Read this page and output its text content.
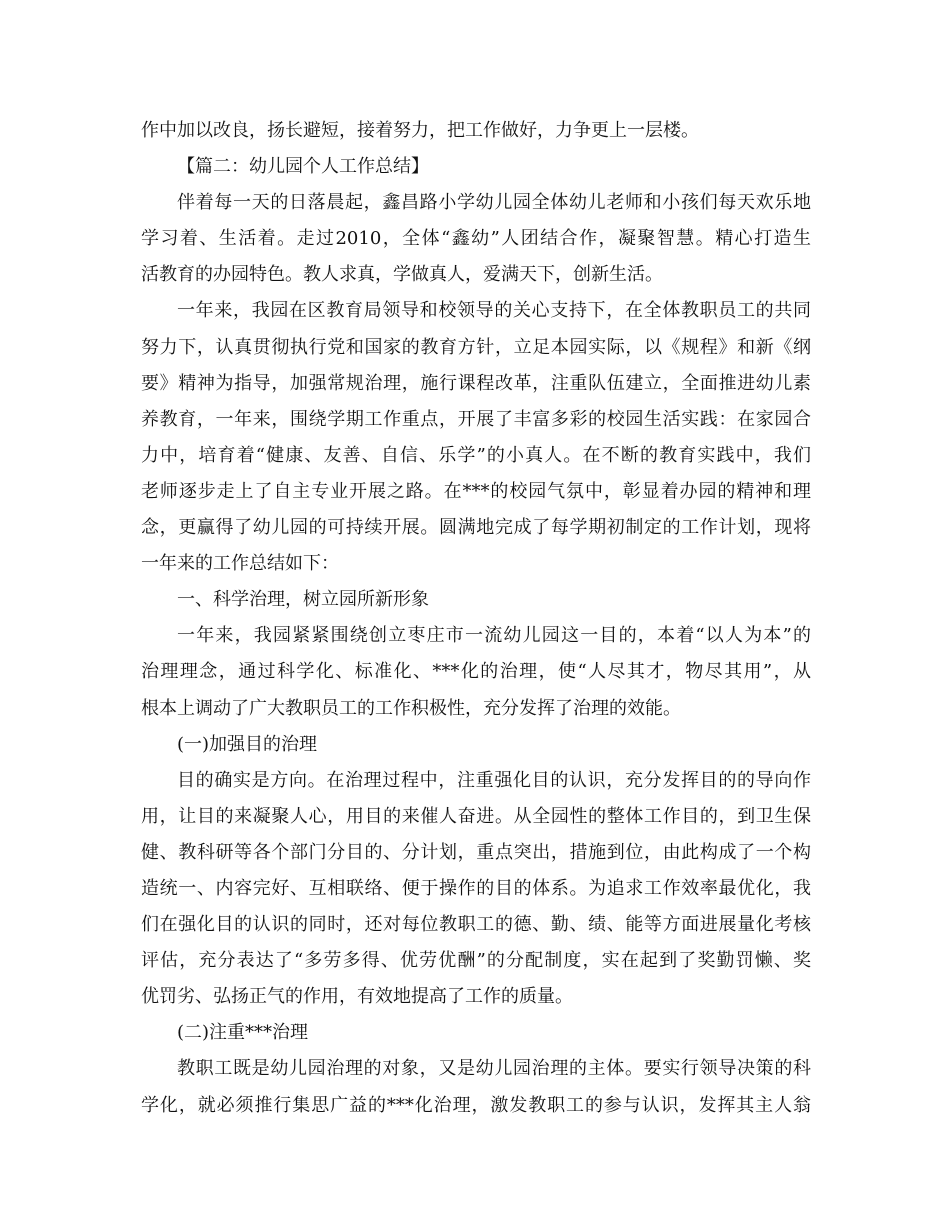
作中加以改良，扬长避短，接着努力，把工作做好，力争更上一层楼。
【篇二：幼儿园个人工作总结】
伴着每一天的日落晨起，鑫昌路小学幼儿园全体幼儿老师和小孩们每天欢乐地
学习着、生活着。走过2010，全体“鑫幼”人团结合作，凝聚智慧。精心打造生
活教育的办园特色。教人求真，学做真人，爱满天下，创新生活。
一年来，我园在区教育局领导和校领导的关心支持下，在全体教职员工的共同
努力下，认真贯彻执行党和国家的教育方针，立足本园实际，以《规程》和新《纲
要》精神为指导，加强常规治理，施行课程改革，注重队伍建立，全面推进幼儿素
养教育，一年来，围绕学期工作重点，开展了丰富多彩的校园生活实践：在家园合
力中，培育着“健康、友善、自信、乐学”的小真人。在不断的教育实践中，我们
老师逐步走上了自主专业开展之路。在***的校园气氛中，彰显着办园的精神和理
念，更赢得了幼儿园的可持续开展。圆满地完成了每学期初制定的工作计划，现将
一年来的工作总结如下：
一、科学治理，树立园所新形象
一年来，我园紧紧围绕创立枣庄市一流幼儿园这一目的，本着“以人为本”的
治理理念，通过科学化、标准化、***化的治理，使“人尽其才，物尽其用”，从
根本上调动了广大教职员工的工作积极性，充分发挥了治理的效能。
(一)加强目的治理
目的确实是方向。在治理过程中，注重强化目的认识，充分发挥目的的导向作
用，让目的来凝聚人心，用目的来催人奋进。从全园性的整体工作目的，到卫生保
健、教科研等各个部门分目的、分计划，重点突出，措施到位，由此构成了一个构
造统一、内容完好、互相联络、便于操作的目的体系。为追求工作效率最优化，我
们在强化目的认识的同时，还对每位教职工的德、勤、绩、能等方面进展量化考核
评估，充分表达了“多劳多得、优劳优酬”的分配制度，实在起到了奖勤罚懒、奖
优罚劣、弘扬正气的作用，有效地提高了工作的质量。
(二)注重***治理
教职工既是幼儿园治理的对象，又是幼儿园治理的主体。要实行领导决策的科
学化，就必须推行集思广益的***化治理，激发教职工的参与认识，发挥其主人翁
